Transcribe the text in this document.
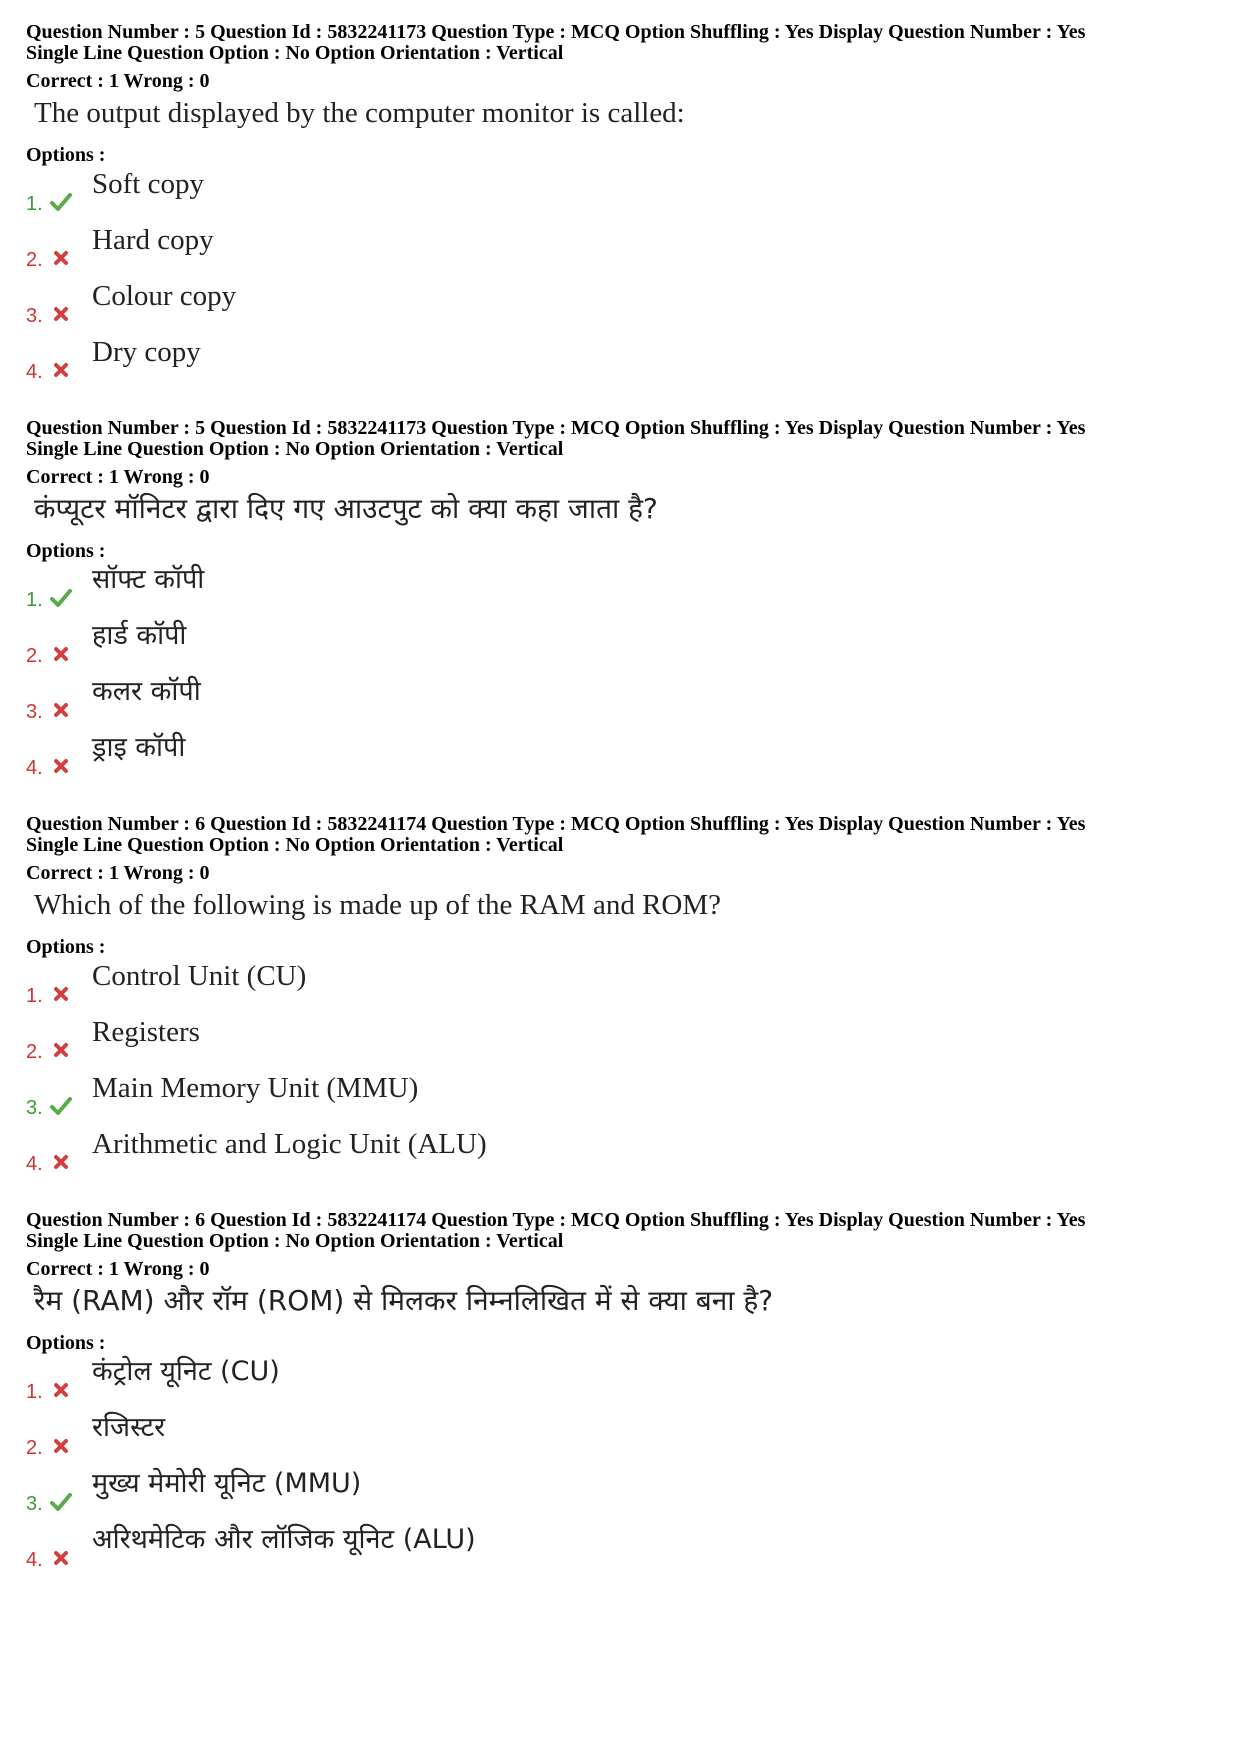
Question Number : 5 Question Id : 5832241173 Question Type : MCQ Option Shuffling : Yes Display Question Number : Yes
Single Line Question Option : No Option Orientation : Vertical
Correct : 1 Wrong : 0
The output displayed by the computer monitor is called:
Options :
1.
Soft copy
2.
Hard copy
3.
Colour copy
4.
Dry copy
Question Number : 5 Question Id : 5832241173 Question Type : MCQ Option Shuffling : Yes Display Question Number : Yes
Single Line Question Option : No Option Orientation : Vertical
Correct : 1 Wrong : 0
कंप्यूटर मॉनिटर द्वारा दिए गए आउटपुट को क्या कहा जाता है?
Options :
1.
सॉफ्ट कॉपी
2.
हार्ड कॉपी
3.
कलर कॉपी
4.
ड्राइ कॉपी
Question Number : 6 Question Id : 5832241174 Question Type : MCQ Option Shuffling : Yes Display Question Number : Yes
Single Line Question Option : No Option Orientation : Vertical
Correct : 1 Wrong : 0
Which of the following is made up of the RAM and ROM?
Options :
1.
Control Unit (CU)
2.
Registers
3.
Main Memory Unit (MMU)
4.
Arithmetic and Logic Unit (ALU)
Question Number : 6 Question Id : 5832241174 Question Type : MCQ Option Shuffling : Yes Display Question Number : Yes
Single Line Question Option : No Option Orientation : Vertical
Correct : 1 Wrong : 0
रैम (RAM) और रॉम (ROM) से मिलकर निम्नलिखित में से क्या बना है?
Options :
1.
कंट्रोल यूनिट (CU)
2.
रजिस्टर
3.
मुख्य मेमोरी यूनिट (MMU)
4.
अरिथमेटिक और लॉजिक यूनिट (ALU)
